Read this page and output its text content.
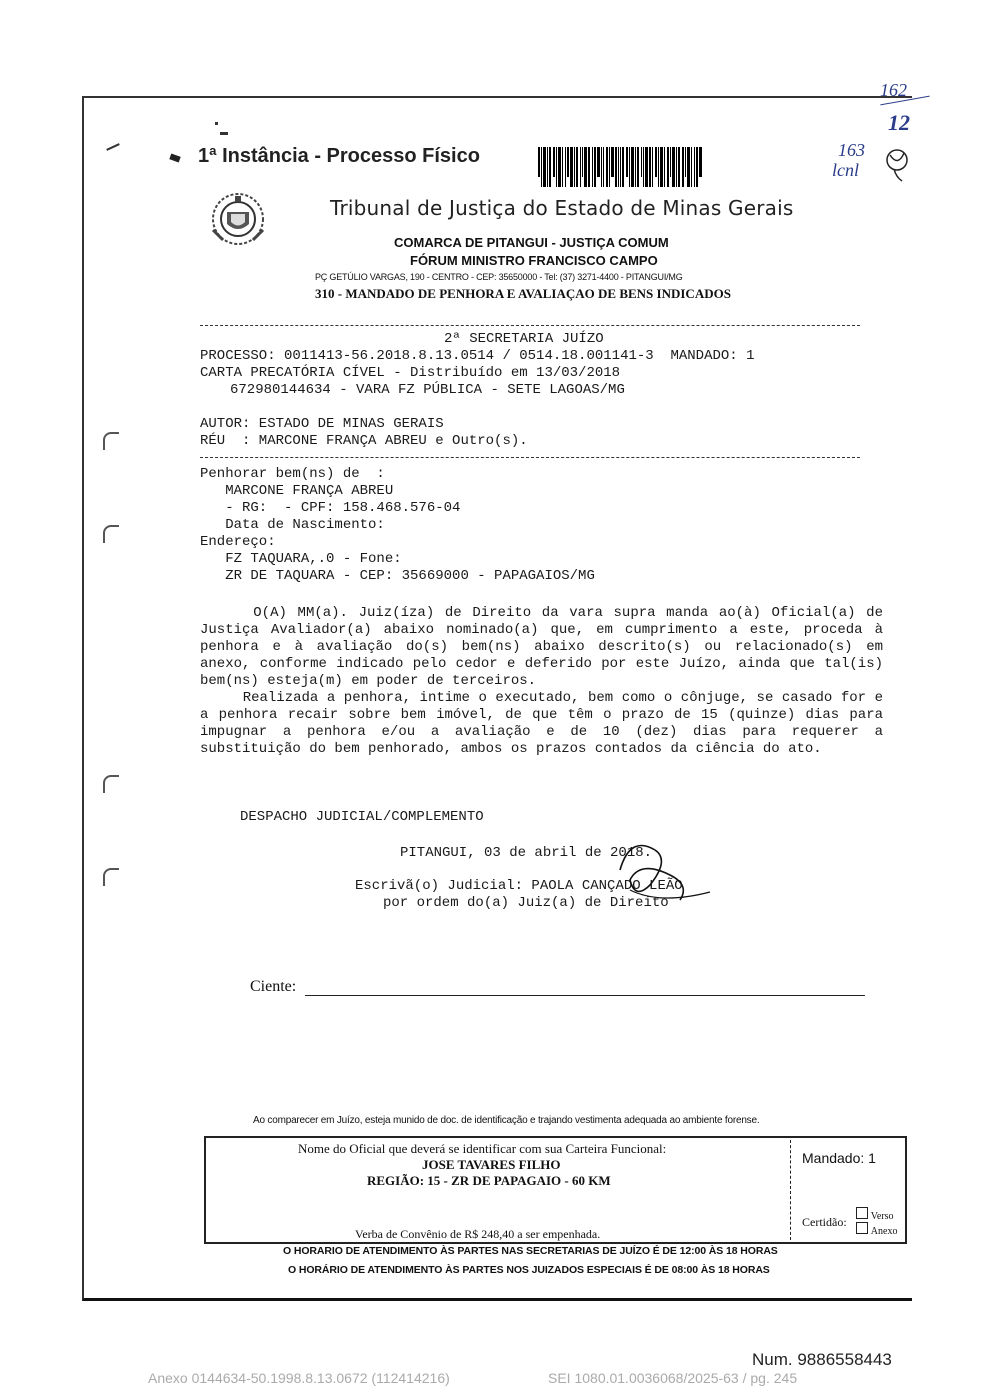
1ª Instância - Processo Físico
Tribunal de Justiça do Estado de Minas Gerais
COMARCA DE PITANGUI - JUSTIÇA COMUM
FÓRUM MINISTRO FRANCISCO CAMPO
PÇ GETÚLIO VARGAS, 190 - CENTRO - CEP: 35650000 - Tel: (37) 3271-4400 - PITANGUI/MG
310 - MANDADO DE PENHORA E AVALIAÇAO DE BENS INDICADOS
162
12
163
lcnl
2ª SECRETARIA JUÍZO
PROCESSO: 0011413-56.2018.8.13.0514 / 0514.18.001141-3  MANDADO: 1
CARTA PRECATÓRIA CÍVEL - Distribuído em 13/03/2018
672980144634 - VARA FZ PÚBLICA - SETE LAGOAS/MG
AUTOR: ESTADO DE MINAS GERAIS
RÉU  : MARCONE FRANÇA ABREU e Outro(s).
Penhorar bem(ns) de  :
MARCONE FRANÇA ABREU
- RG:  - CPF: 158.468.576-04
Data de Nascimento:
Endereço:
FZ TAQUARA,.0 - Fone:
ZR DE TAQUARA - CEP: 35669000 - PAPAGAIOS/MG

O(A) MM(a). Juiz(íza) de Direito da vara supra manda ao(à) Oficial(a) de Justiça Avaliador(a) abaixo nominado(a) que, em cumprimento a este, proceda à penhora e à avaliação do(s) bem(ns) abaixo descrito(s) ou relacionado(s) em anexo, conforme indicado pelo cedor e deferido por este Juízo, ainda que tal(is) bem(ns) esteja(m) em poder de terceiros.

Realizada a penhora, intime o executado, bem como o cônjuge, se casado for e a penhora recair sobre bem imóvel, de que têm o prazo de 15 (quinze) dias para impugnar a penhora e/ou a avaliação e de 10 (dez) dias para requerer a substituição do bem penhorado, ambos os prazos contados da ciência do ato.

DESPACHO JUDICIAL/COMPLEMENTO
PITANGUI, 03 de abril de 2018.
Escrivã(o) Judicial: PAOLA CANÇADO LEÃO
por ordem do(a) Juiz(a) de Direito
Ciente:
Ao comparecer em Juízo, esteja munido de doc. de identificação e trajando vestimenta adequada ao ambiente forense.
Nome do Oficial que deverá se identificar com sua Carteira Funcional:
JOSE TAVARES FILHO
REGIÃO: 15 - ZR DE PAPAGAIO - 60 KM
Verba de Convênio de R$ 248,40 a ser empenhada.
Mandado: 1
Certidão:	Verso
Anexo
O HORARIO DE ATENDIMENTO ÀS PARTES NAS SECRETARIAS DE JUÍZO É DE 12:00 ÀS 18 HORAS
O HORÁRIO DE ATENDIMENTO ÀS PARTES NOS JUIZADOS ESPECIAIS É DE 08:00 ÀS 18 HORAS
Num. 9886558443
Anexo 0144634-50.1998.8.13.0672 (112414216)	SEI 1080.01.0036068/2025-63 / pg. 245
